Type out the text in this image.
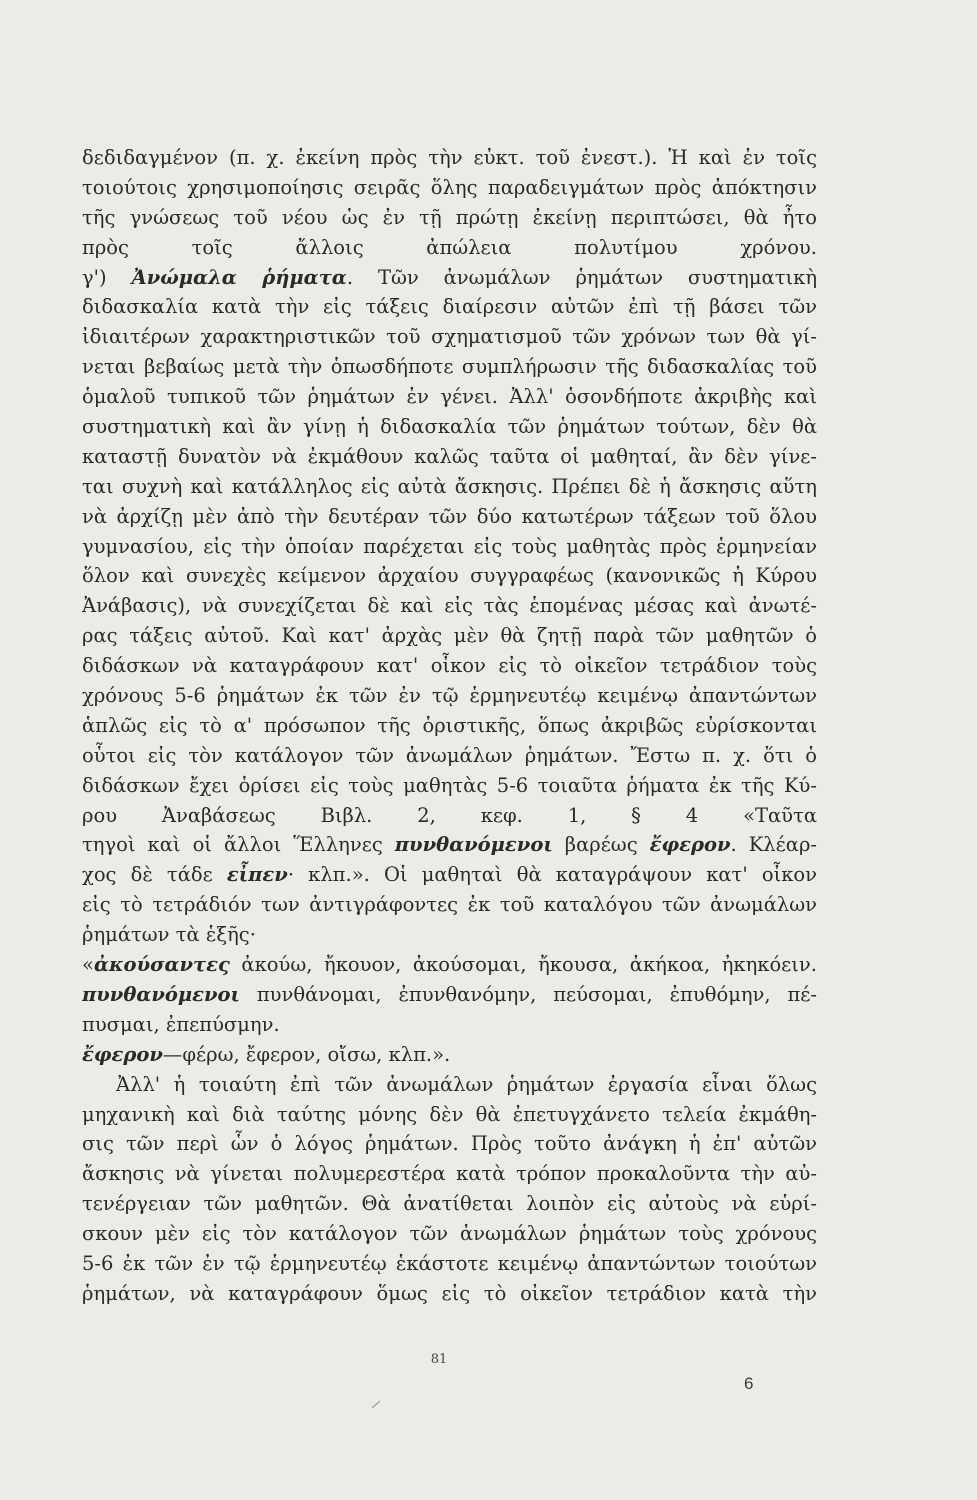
δεδιδαγμένον (π. χ. ἐκείνη πρὸς τὴν εὐκτ. τοῦ ἐνεστ.). Ἡ καὶ ἐν τοῖς
τοιούτοις χρησιμοποίησις σειρᾶς ὅλης παραδειγμάτων πρὸς ἀπόκτησιν
τῆς γνώσεως τοῦ νέου ὡς ἐν τῇ πρώτῃ ἐκείνῃ περιπτώσει, θὰ ἦτο
πρὸς τοῖς ἄλλοις ἀπώλεια πολυτίμου χρόνου.
γ') Ἀνώμαλα ῥήματα. Τῶν ἀνωμάλων ῥημάτων συστηματικὴ
διδασκαλία κατὰ τὴν εἰς τάξεις διαίρεσιν αὐτῶν ἐπὶ τῇ βάσει τῶν
ἰδιαιτέρων χαρακτηριστικῶν τοῦ σχηματισμοῦ τῶν χρόνων των θὰ γί-
νεται βεβαίως μετὰ τὴν ὁπωσδήποτε συμπλήρωσιν τῆς διδασκαλίας τοῦ
ὁμαλοῦ τυπικοῦ τῶν ῥημάτων ἐν γένει. Ἀλλ' ὁσονδήποτε ἀκριβὴς καὶ
συστηματικὴ καὶ ἂν γίνῃ ἡ διδασκαλία τῶν ῥημάτων τούτων, δὲν θὰ
καταστῇ δυνατὸν νὰ ἐκμάθουν καλῶς ταῦτα οἱ μαθηταί, ἂν δὲν γίνε-
ται συχνὴ καὶ κατάλληλος εἰς αὐτὰ ἄσκησις. Πρέπει δὲ ἡ ἄσκησις αὕτη
νὰ ἀρχίζῃ μὲν ἀπὸ τὴν δευτέραν τῶν δύο κατωτέρων τάξεων τοῦ ὅλου
γυμνασίου, εἰς τὴν ὁποίαν παρέχεται εἰς τοὺς μαθητὰς πρὸς ἑρμηνείαν
ὅλον καὶ συνεχὲς κείμενον ἀρχαίου συγγραφέως (κανονικῶς ἡ Κύρου
Ἀνάβασις), νὰ συνεχίζεται δὲ καὶ εἰς τὰς ἑπομένας μέσας καὶ ἀνωτέ-
ρας τάξεις αὐτοῦ. Καὶ κατ' ἀρχὰς μὲν θὰ ζητῇ παρὰ τῶν μαθητῶν ὁ
διδάσκων νὰ καταγράφουν κατ' οἶκον εἰς τὸ οἰκεῖον τετράδιον τοὺς
χρόνους 5-6 ῥημάτων ἐκ τῶν ἐν τῷ ἑρμηνευτέῳ κειμένῳ ἀπαντώντων
ἁπλῶς εἰς τὸ α' πρόσωπον τῆς ὁριστικῆς, ὅπως ἀκριβῶς εὑρίσκονται
οὗτοι εἰς τὸν κατάλογον τῶν ἀνωμάλων ῥημάτων. Ἔστω π. χ. ὅτι ὁ
διδάσκων ἔχει ὁρίσει εἰς τοὺς μαθητὰς 5-6 τοιαῦτα ῥήματα ἐκ τῆς Κύ-
ρου Ἀναβάσεως Βιβλ. 2, κεφ. 1, § 4 «Ταῦτα
τηγοὶ καὶ οἱ ἄλλοι Ἕλληνες πυνθανόμενοι βαρέως ἔφερον. Κλέαρ-
χος δὲ τάδε εἶπεν· κλπ.». Οἱ μαθηταὶ θὰ καταγράψουν κατ' οἶκον
εἰς τὸ τετράδιόν των ἀντιγράφοντες ἐκ τοῦ καταλόγου τῶν ἀνωμάλων
ῥημάτων τὰ ἑξῆς·
«ἀκούσαντες ἀκούω, ἤκουον, ἀκούσομαι, ἤκουσα, ἀκήκοα, ἠκηκόειν.
πυνθανόμενοι πυνθάνομαι, ἐπυνθανόμην, πεύσομαι, ἐπυθόμην, πέ-
πυσμαι, ἐπεπύσμην.
ἔφερον—φέρω, ἔφερον, οἴσω, κλπ.».
Ἀλλ' ἡ τοιαύτη ἐπὶ τῶν ἀνωμάλων ῥημάτων ἐργασία εἶναι ὅλως
μηχανικὴ καὶ διὰ ταύτης μόνης δὲν θὰ ἐπετυγχάνετο τελεία ἐκμάθη-
σις τῶν περὶ ὧν ὁ λόγος ῥημάτων. Πρὸς τοῦτο ἀνάγκη ἡ ἐπ' αὐτῶν
ἄσκησις νὰ γίνεται πολυμερεστέρα κατὰ τρόπον προκαλοῦντα τὴν αὐ-
τενέργειαν τῶν μαθητῶν. Θὰ ἀνατίθεται λοιπὸν εἰς αὐτοὺς νὰ εὑρί-
σκουν μὲν εἰς τὸν κατάλογον τῶν ἀνωμάλων ῥημάτων τοὺς χρόνους
5-6 ἐκ τῶν ἐν τῷ ἑρμηνευτέῳ ἑκάστοτε κειμένῳ ἀπαντώντων τοιούτων
ῥημάτων, νὰ καταγράφουν ὅμως εἰς τὸ οἰκεῖον τετράδιον κατὰ τὴν
81
6
